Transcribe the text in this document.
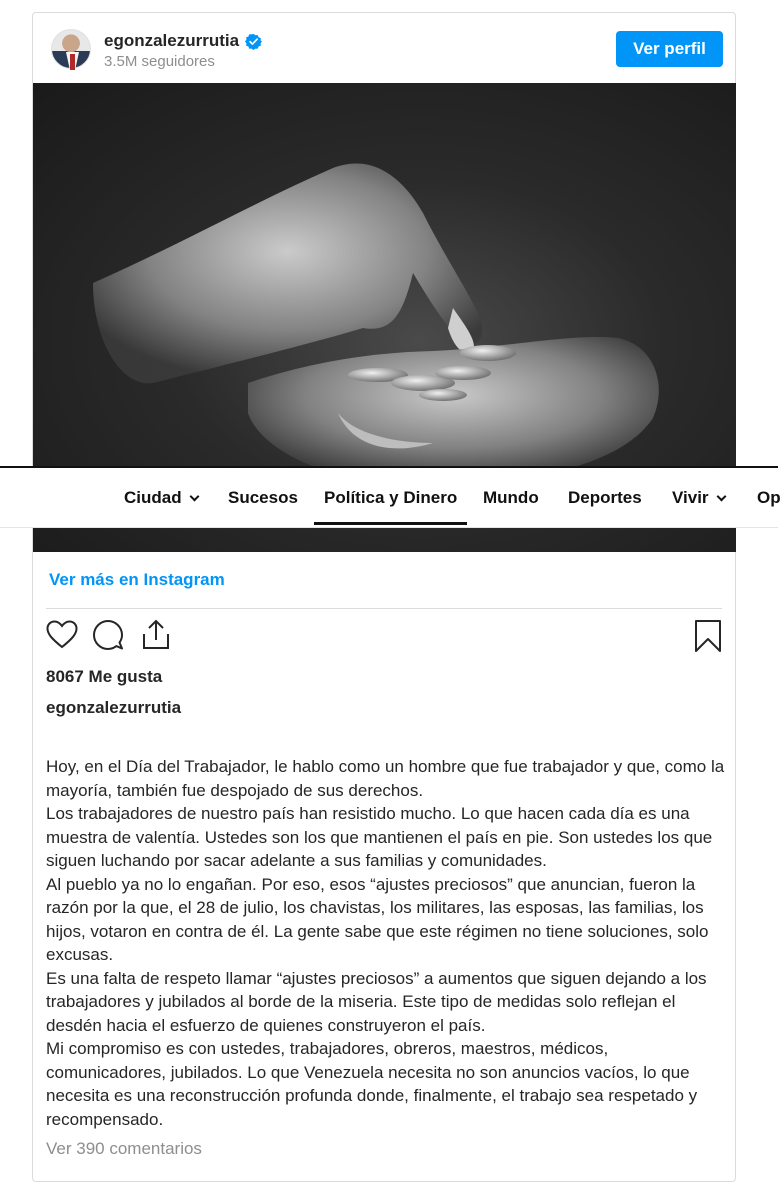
egonzalezurrutia
3.5M seguidores
Ver perfil
Ver más en Instagram
8067 Me gusta
egonzalezurrutia

Hoy, en el Día del Trabajador, le hablo como un hombre que fue trabajador y que, como la mayoría, también fue despojado de sus derechos.

Los trabajadores de nuestro país han resistido mucho. Lo que hacen cada día es una muestra de valentía. Ustedes son los que mantienen el país en pie. Son ustedes los que siguen luchando por sacar adelante a sus familias y comunidades.

Al pueblo ya no lo engañan. Por eso, esos “ajustes preciosos” que anuncian, fueron la razón por la que, el 28 de julio, los chavistas, los militares, las esposas, las familias, los hijos, votaron en contra de él. La gente sabe que este régimen no tiene soluciones, solo excusas.

Es una falta de respeto llamar “ajustes preciosos” a aumentos que siguen dejando a los trabajadores y jubilados al borde de la miseria. Este tipo de medidas solo reflejan el desdén hacia el esfuerzo de quienes construyeron el país.

Mi compromiso es con ustedes, trabajadores, obreros, maestros, médicos, comunicadores, jubilados. Lo que Venezuela necesita no son anuncios vacíos, lo que necesita es una reconstrucción profunda donde, finalmente, el trabajo sea respetado y recompensado.

Ver 390 comentarios
Ciudad	Sucesos Política y Dinero Mundo Deportes Vivir	Op
